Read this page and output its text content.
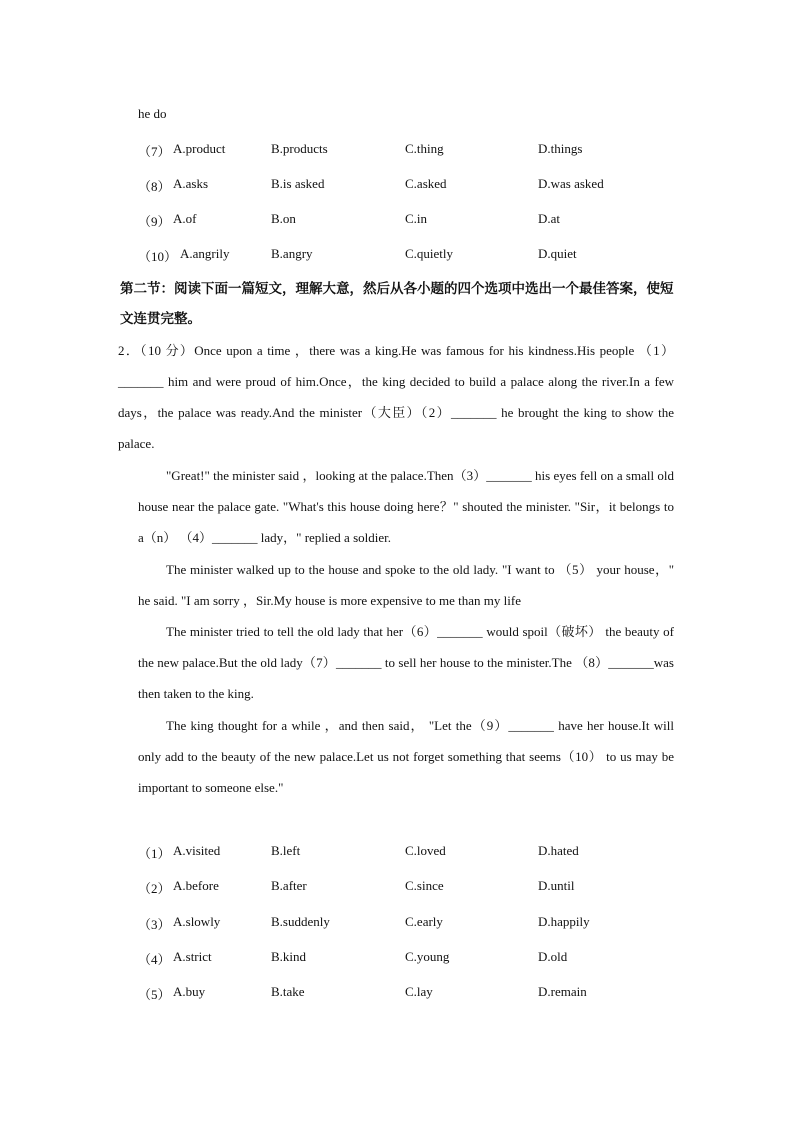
he do
（7） A.product	B.products	C.thing	D.things
（8） A.asks	B.is asked	C.asked	D.was asked
（9） A.of	B.on	C.in	D.at
（10） A.angrily	B.angry	C.quietly	D.quiet
第二节：阅读下面一篇短文，理解大意，然后从各小题的四个选项中选出一个最佳答案，使短文连贯完整。
2．（10 分）Once upon a time ，there was a king.He was famous for his kindness.His people （1）_______ him and were proud of him.Once，the king decided to build a palace along the river.In a few days，the palace was ready.And the minister（大臣）（2）_______ he brought the king to show the palace.
"Great!" the minister said ，looking at the palace.Then（3）_______ his eyes fell on a small old house near the palace gate. "What's this house doing here？" shouted the minister. "Sir，it belongs to a（n） （4）_______ lady，" replied a soldier.
The minister walked up to the house and spoke to the old lady. "I want to （5） your house，" he said. "I am sorry ，Sir.My house is more expensive to me than my life
The minister tried to tell the old lady that her（6）_______ would spoil（破坏） the beauty of the new palace.But the old lady（7）_______ to sell her house to the minister.The （8）_______was then taken to the king.
The king thought for a while ，and then said， "Let the（9）_______ have her house.It will only add to the beauty of the new palace.Let us not forget something that seems（10） to us may be important to someone else."
（1） A.visited	B.left	C.loved	D.hated
（2） A.before	B.after	C.since	D.until
（3） A.slowly	B.suddenly	C.early	D.happily
（4） A.strict	B.kind	C.young	D.old
（5） A.buy	B.take	C.lay	D.remain
